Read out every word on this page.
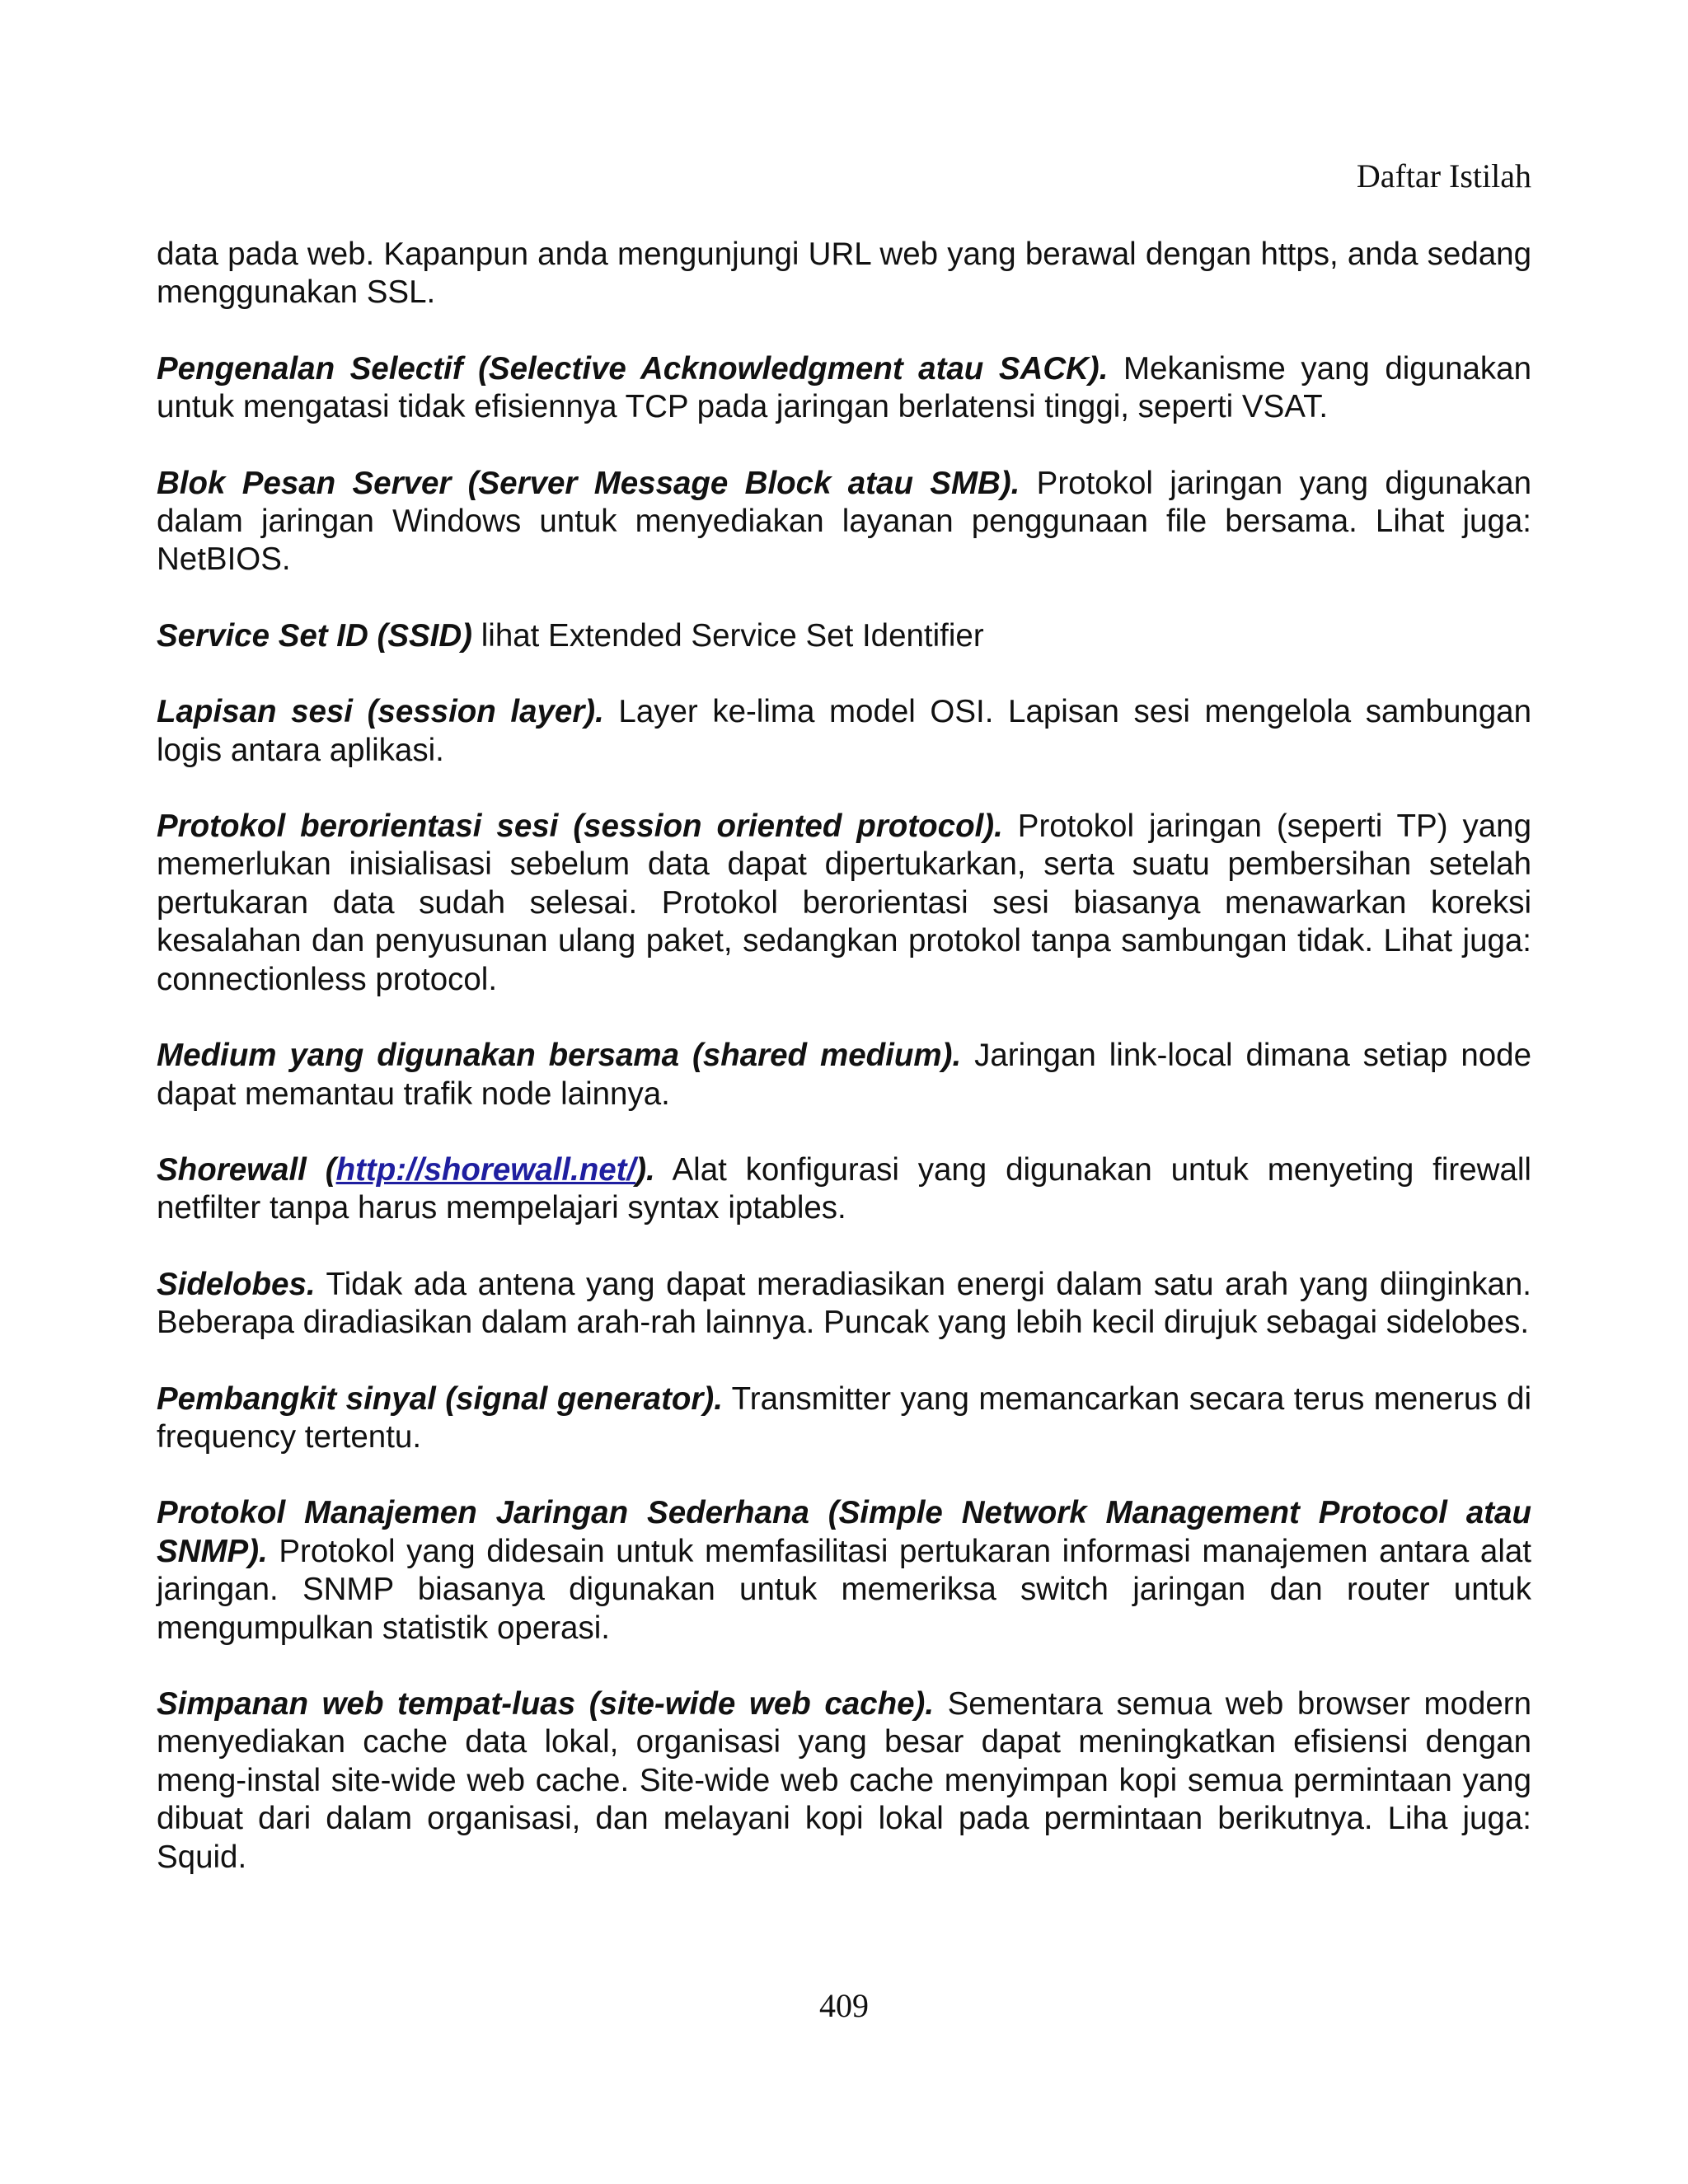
Daftar Istilah

data pada web. Kapanpun anda mengunjungi URL web yang berawal dengan https, anda sedang menggunakan SSL.

Pengenalan Selectif (Selective Acknowledgment atau SACK). Mekanisme yang digunakan untuk mengatasi tidak efisiennya TCP pada jaringan berlatensi tinggi, seperti VSAT.

Blok Pesan Server (Server Message Block atau SMB). Protokol jaringan yang digunakan dalam jaringan Windows untuk menyediakan layanan penggunaan file bersama. Lihat juga: NetBIOS.

Service Set ID (SSID) lihat Extended Service Set Identifier

Lapisan sesi (session layer). Layer ke-lima model OSI. Lapisan sesi mengelola sambungan logis antara aplikasi.

Protokol berorientasi sesi (session oriented protocol). Protokol jaringan (seperti TP) yang memerlukan inisialisasi sebelum data dapat dipertukarkan, serta suatu pembersihan setelah pertukaran data sudah selesai. Protokol berorientasi sesi biasanya menawarkan koreksi kesalahan dan penyusunan ulang paket, sedangkan protokol tanpa sambungan tidak. Lihat juga: connectionless protocol.

Medium yang digunakan bersama (shared medium). Jaringan link-local dimana setiap node dapat memantau trafik node lainnya.

Shorewall (http://shorewall.net/). Alat konfigurasi yang digunakan untuk menyeting firewall netfilter tanpa harus mempelajari syntax iptables.

Sidelobes. Tidak ada antena yang dapat meradiasikan energi dalam satu arah yang diinginkan. Beberapa diradiasikan dalam arah-rah lainnya. Puncak yang lebih kecil dirujuk sebagai sidelobes.

Pembangkit sinyal (signal generator). Transmitter yang memancarkan secara terus menerus di frequency tertentu.

Protokol Manajemen Jaringan Sederhana (Simple Network Management Protocol atau SNMP). Protokol yang didesain untuk memfasilitasi pertukaran informasi manajemen antara alat jaringan. SNMP biasanya digunakan untuk memeriksa switch jaringan dan router untuk mengumpulkan statistik operasi.

Simpanan web tempat-luas (site-wide web cache). Sementara semua web browser modern menyediakan cache data lokal, organisasi yang besar dapat meningkatkan efisiensi dengan meng-instal site-wide web cache. Site-wide web cache menyimpan kopi semua permintaan yang dibuat dari dalam organisasi, dan melayani kopi lokal pada permintaan berikutnya. Liha juga: Squid.

409
